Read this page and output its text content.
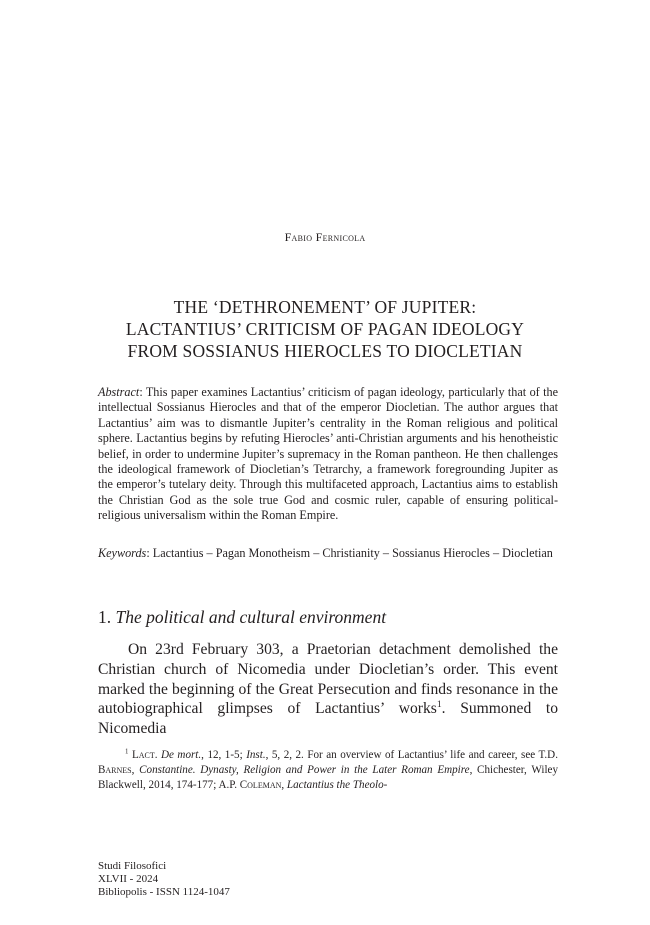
Fabio Fernicola
THE ‘DETHRONEMENT’ OF JUPITER:
LACTANTIUS’ CRITICISM OF PAGAN IDEOLOGY
FROM SOSSIANUS HIEROCLES TO DIOCLETIAN
Abstract: This paper examines Lactantius’ criticism of pagan ideology, particularly that of the intellectual Sossianus Hierocles and that of the emperor Diocletian. The author argues that Lactantius’ aim was to dismantle Jupiter’s centrality in the Roman religious and political sphere. Lactantius begins by refuting Hierocles’ anti-Christian arguments and his henotheistic belief, in order to undermine Jupiter’s supremacy in the Roman pantheon. He then challenges the ideological framework of Diocletian’s Tetrarchy, a framework foregrounding Jupiter as the emperor’s tutelary deity. Through this multifaceted approach, Lactantius aims to establish the Christian God as the sole true God and cosmic ruler, capable of ensuring political-religious universalism within the Roman Empire.
Keywords: Lactantius – Pagan Monotheism – Christianity – Sossianus Hierocles – Diocletian
1. The political and cultural environment

On 23rd February 303, a Praetorian detachment demolished the Christian church of Nicomedia under Diocletian’s order. This event marked the beginning of the Great Persecution and finds resonance in the autobiographical glimpses of Lactantius’ works$^1$. Summoned to Nicomedia

$^1$ Lact. De mort., 12, 1-5; Inst., 5, 2, 2. For an overview of Lactantius’ life and career, see T.D. Barnes, Constantine. Dynasty, Religion and Power in the Later Roman Empire, Chichester, Wiley Blackwell, 2014, 174-177; A.P. Coleman, Lactantius the Theolo-

Studi Filosofici
XLVII - 2024
Bibliopolis - ISSN 1124-1047
